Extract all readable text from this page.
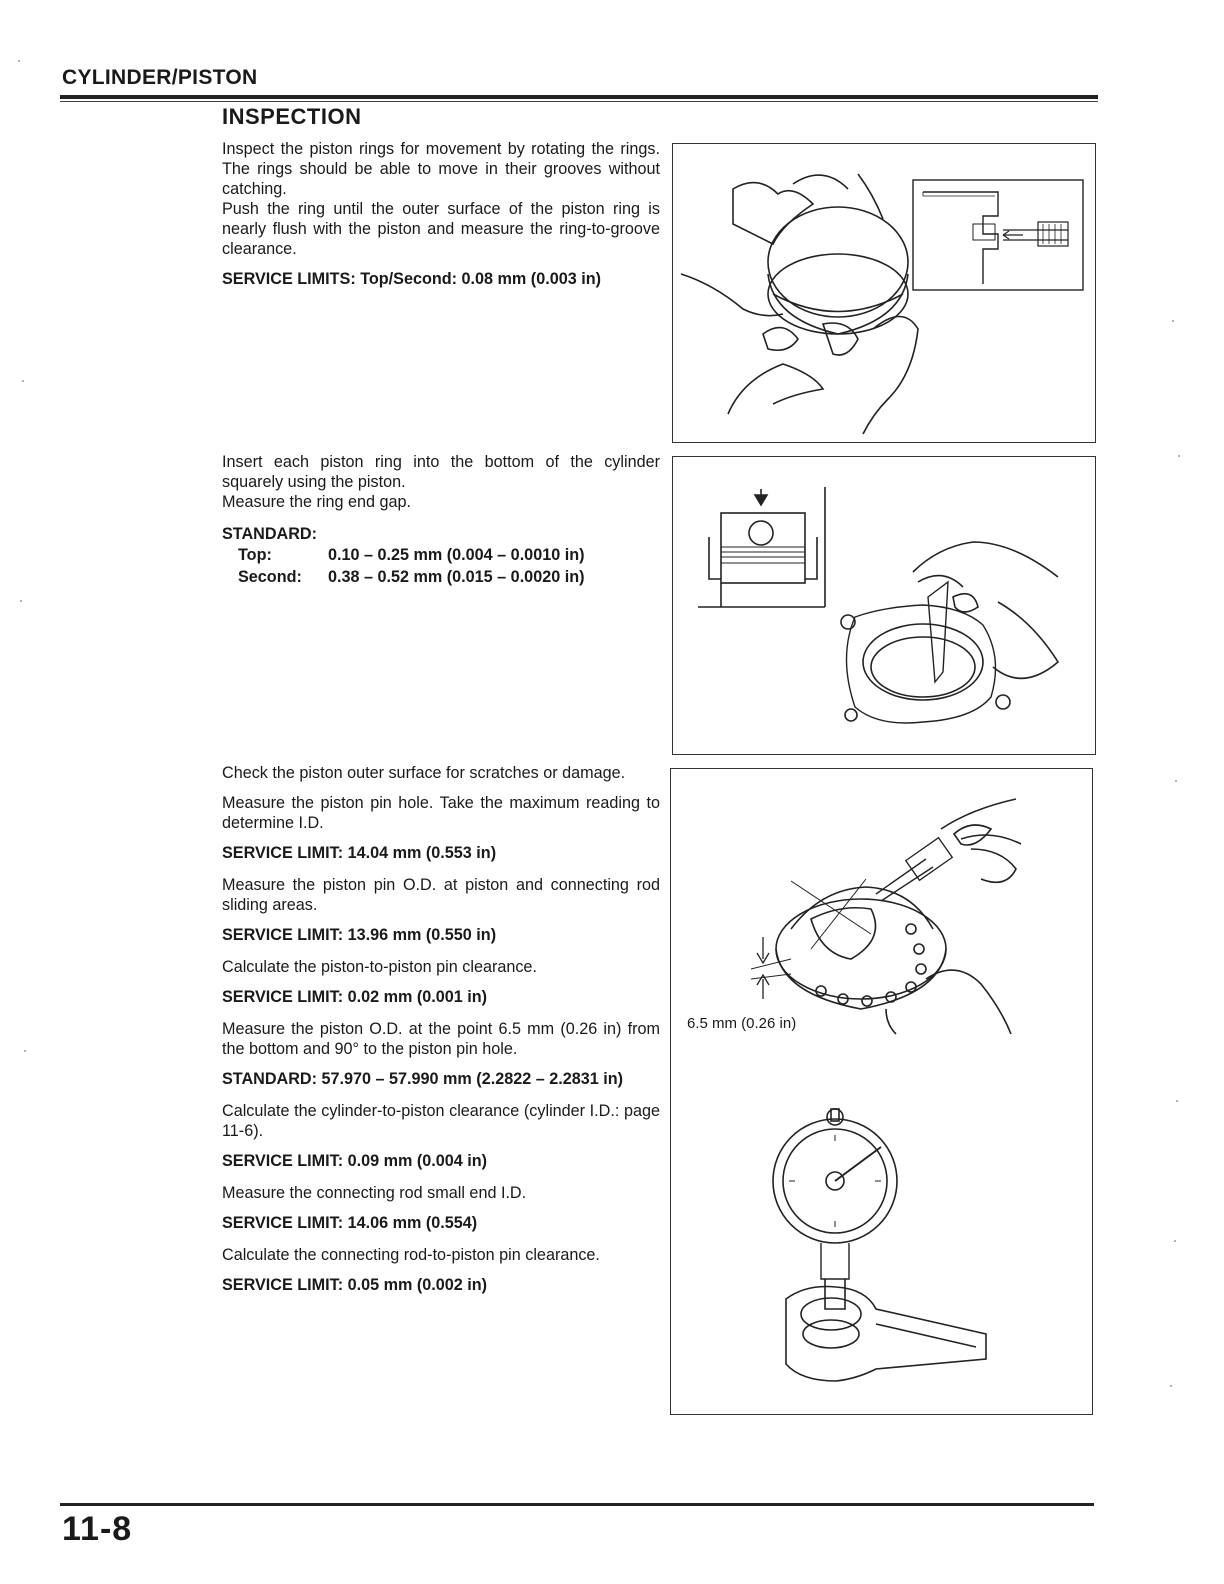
CYLINDER/PISTON
INSPECTION

Inspect the piston rings for movement by rotating the rings. The rings should be able to move in their grooves without catching.

Push the ring until the outer surface of the piston ring is nearly flush with the piston and measure the ring-to-groove clearance.

SERVICE LIMITS: Top/Second: 0.08 mm (0.003 in)

Insert each piston ring into the bottom of the cylinder squarely using the piston.

Measure the ring end gap.

STANDARD:

Top:	0.10 – 0.25 mm (0.004 – 0.0010 in)
Second:	0.38 – 0.52 mm (0.015 – 0.0020 in)

Check the piston outer surface for scratches or damage.

Measure the piston pin hole. Take the maximum reading to determine I.D.

SERVICE LIMIT: 14.04 mm (0.553 in)

Measure the piston pin O.D. at piston and connecting rod sliding areas.

SERVICE LIMIT: 13.96 mm (0.550 in)

Calculate the piston-to-piston pin clearance.

SERVICE LIMIT: 0.02 mm (0.001 in)

Measure the piston O.D. at the point 6.5 mm (0.26 in) from the bottom and 90° to the piston pin hole.

STANDARD: 57.970 – 57.990 mm (2.2822 – 2.2831 in)

Calculate the cylinder-to-piston clearance (cylinder I.D.: page 11-6).

SERVICE LIMIT: 0.09 mm (0.004 in)

Measure the connecting rod small end I.D.

SERVICE LIMIT: 14.06 mm (0.554)

Calculate the connecting rod-to-piston pin clearance.

SERVICE LIMIT: 0.05 mm (0.002 in)

6.5 mm (0.26 in)
11-8
